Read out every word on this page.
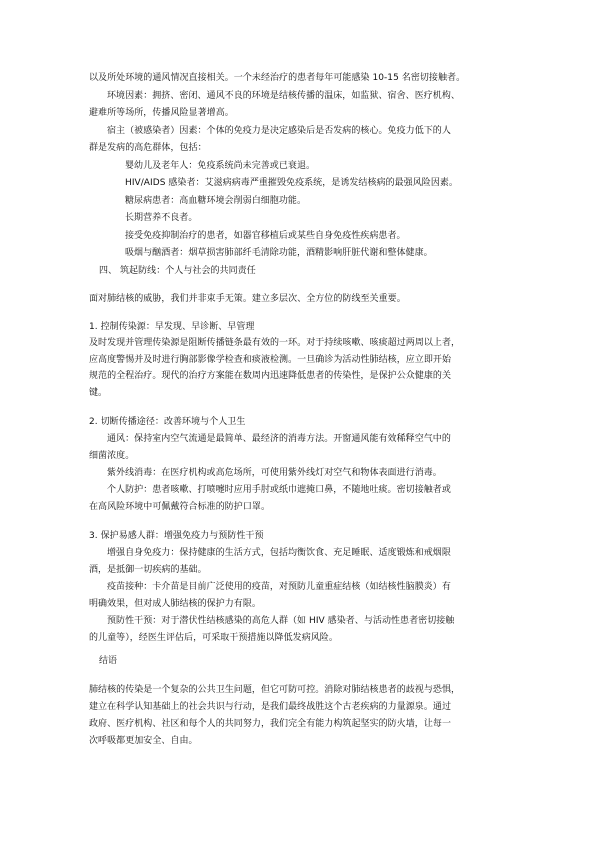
以及所处环境的通风情况直接相关。一个未经治疗的患者每年可能感染 10-15 名密切接触者。
环境因素：拥挤、密闭、通风不良的环境是结核传播的温床，如监狱、宿舍、医疗机构、
避难所等场所，传播风险显著增高。
宿主（被感染者）因素：个体的免疫力是决定感染后是否发病的核心。免疫力低下的人
群是发病的高危群体，包括：
婴幼儿及老年人：免疫系统尚未完善或已衰退。
HIV/AIDS 感染者：艾滋病病毒严重摧毁免疫系统，是诱发结核病的最强风险因素。
糖尿病患者：高血糖环境会削弱白细胞功能。
长期营养不良者。
接受免疫抑制治疗的患者，如器官移植后或某些自身免疫性疾病患者。
吸烟与酗酒者：烟草损害肺部纤毛清除功能，酒精影响肝脏代谢和整体健康。
四、 筑起防线：个人与社会的共同责任
面对肺结核的威胁，我们并非束手无策。建立多层次、全方位的防线至关重要。
1. 控制传染源：早发现、早诊断、早管理
及时发现并管理传染源是阻断传播链条最有效的一环。对于持续咳嗽、咳痰超过两周以上者，
应高度警惕并及时进行胸部影像学检查和痰液检测。一旦确诊为活动性肺结核，应立即开始
规范的全程治疗。现代的治疗方案能在数周内迅速降低患者的传染性，是保护公众健康的关
键。
2. 切断传播途径：改善环境与个人卫生
通风：保持室内空气流通是最简单、最经济的消毒方法。开窗通风能有效稀释空气中的
细菌浓度。
紫外线消毒：在医疗机构或高危场所，可使用紫外线灯对空气和物体表面进行消毒。
个人防护：患者咳嗽、打喷嚏时应用手肘或纸巾遮掩口鼻，不随地吐痰。密切接触者或
在高风险环境中可佩戴符合标准的防护口罩。
3. 保护易感人群：增强免疫力与预防性干预
增强自身免疫力：保持健康的生活方式，包括均衡饮食、充足睡眠、适度锻炼和戒烟限
酒，是抵御一切疾病的基础。
疫苗接种：卡介苗是目前广泛使用的疫苗，对预防儿童重症结核（如结核性脑膜炎）有
明确效果，但对成人肺结核的保护力有限。
预防性干预：对于潜伏性结核感染的高危人群（如 HIV 感染者、与活动性患者密切接触
的儿童等），经医生评估后，可采取干预措施以降低发病风险。
结语
肺结核的传染是一个复杂的公共卫生问题，但它可防可控。消除对肺结核患者的歧视与恐惧，
建立在科学认知基础上的社会共识与行动，是我们最终战胜这个古老疾病的力量源泉。通过
政府、医疗机构、社区和每个人的共同努力，我们完全有能力构筑起坚实的防火墙，让每一
次呼吸都更加安全、自由。
